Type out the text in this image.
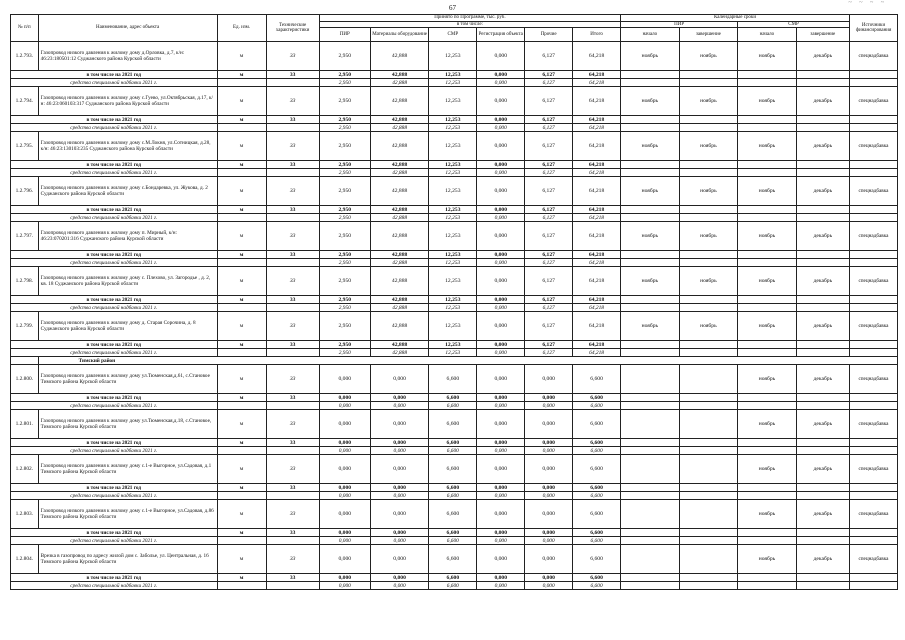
67
~ ~ ~ ~
№ п/п	Наименование, адрес объекта	Ед. изм.	Технические характеристики	Принято по Программе, тыс. руб.						Календарные сроки				Источники финансирования
				в том числе:						ПИР		СМР		
				ПИР	Материалы оборудование	СМР	Регистрация объекта	Прочие	Итого	начало	завершение	начало	завершение	
1.2.793.	Газопровод низкого давления к жилому дому д.Орловка, д.7, к/н: 46:23:180501:12 Суджанского района Курской области	м	33	2,950	42,888	12,253	0,000	6,127	64,218	ноябрь	ноябрь	ноябрь	декабрь	спецнадбавка
в том числе на 2021 год		м	33	2,950	42,888	12,253	0,000	6,127	64,218					
средства специальной надбавки 2021 г.				2,950	42,888	12,253	0,000	6,127	64,218					
1.2.794.	Газопровод низкого давления к жилому дому с.Гуево, ул.Октябрьская, д.17, к/н: 46:23:060103:317 Суджанского района Курской области	м	33	2,950	42,888	12,253	0,000	6,127	64,218	ноябрь	ноябрь	ноябрь	декабрь	спецнадбавка
в том числе на 2021 год		м	33	2,950	42,888	12,253	0,000	6,127	64,218					
средства специальной надбавки 2021 г.				2,950	42,888	12,253	0,000	6,127	64,218					
1.2.795.	Газопровод низкого давления к жилому дому с.М.Локня, ул.Сотницкая, д.28, к/н: 46:23:130103:235 Суджанского района Курской области	м	33	2,950	42,888	12,253	0,000	6,127	64,218	ноябрь	ноябрь	ноябрь	декабрь	спецнадбавка
в том числе на 2021 год		м	33	2,950	42,888	12,253	0,000	6,127	64,218					
средства специальной надбавки 2021 г.				2,950	42,888	12,253	0,000	6,127	64,218					
1.2.796.	Газопровод низкого давления к жилому дому с.Бондаревка, ул. Жукова, д. 2 Суджанского района Курской области	м	33	2,950	42,888	12,253	0,000	6,127	64,218	ноябрь	ноябрь	ноябрь	декабрь	спецнадбавка
в том числе на 2021 год		м	33	2,950	42,888	12,253	0,000	6,127	64,218					
средства специальной надбавки 2021 г.				2,950	42,888	12,253	0,000	6,127	64,218					
1.2.797.	Газопровод низкого давления к жилому дому п. Мирный, к/н: 46:23:070201:316 Суджанского района Курской области	м	33	2,950	42,888	12,253	0,000	6,127	64,218	ноябрь	ноябрь	ноябрь	декабрь	спецнадбавка
в том числе на 2021 год		м	33	2,950	42,888	12,253	0,000	6,127	64,218					
средства специальной надбавки 2021 г.				2,950	42,888	12,253	0,000	6,127	64,218					
1.2.798.	Газопровод низкого давления к жилому дому с. Плехово, ул. Загородье , д. 2, кв. 18 Суджанского района Курской области	м	33	2,950	42,888	12,253	0,000	6,127	64,218	ноябрь	ноябрь	ноябрь	декабрь	спецнадбавка
в том числе на 2021 год		м	33	2,950	42,888	12,253	0,000	6,127	64,218					
средства специальной надбавки 2021 г.				2,950	42,888	12,253	0,000	6,127	64,218					
1.2.799.	Газопровод низкого давления к жилому дому д. Старая Сорочина, д. 8 Суджанского района Курской области	м	33	2,950	42,888	12,253	0,000	6,127	64,218	ноябрь	ноябрь	ноябрь	декабрь	спецнадбавка
в том числе на 2021 год		м	33	2,950	42,888	12,253	0,000	6,127	64,218					
средства специальной надбавки 2021 г.				2,950	42,888	12,253	0,000	6,127	64,218					
	Тимский район													
1.2.800.	Газопровод низкого давления к жилому дому ул.Тюменская,д.61, с.Становое Тимского района Курской области	м	33	0,000	0,000	6,600	0,000	0,000	6,600			ноябрь	декабрь	спецнадбавка
в том числе на 2021 год		м	33	0,000	0,000	6,600	0,000	0,000	6,600					
средства специальной надбавки 2021 г.				0,000	0,000	6,600	0,000	0,000	6,600					
1.2.801.	Газопровод низкого давления к жилому дому ул.Тюменская,д.18, с.Становое, Тимского района Курской области	м	33	0,000	0,000	6,600	0,000	0,000	6,600			ноябрь	декабрь	спецнадбавка
в том числе на 2021 год		м	33	0,000	0,000	6,600	0,000	0,000	6,600					
средства специальной надбавки 2021 г.				0,000	0,000	6,600	0,000	0,000	6,600					
1.2.802.	Газопровод низкого давления к жилому дому с.1-е Выгорное, ул.Садовая, д.1 Тимского района Курской области	м	33	0,000	0,000	6,600	0,000	0,000	6,600			ноябрь	декабрь	спецнадбавка
в том числе на 2021 год		м	33	0,000	0,000	6,600	0,000	0,000	6,600					
средства специальной надбавки 2021 г.				0,000	0,000	6,600	0,000	0,000	6,600					
1.2.803.	Газопровод низкого давления к жилому дому с.1-е Выгорное, ул.Садовая, д.86 Тимского района Курской области	м	33	0,000	0,000	6,600	0,000	0,000	6,600			ноябрь	декабрь	спецнадбавка
в том числе на 2021 год		м	33	0,000	0,000	6,600	0,000	0,000	6,600					
средства специальной надбавки 2021 г.				0,000	0,000	6,600	0,000	0,000	6,600					
1.2.804.	Врезка в газопровод по адресу жилой дом с. Заболье, ул. Центральная, д. 16 Тимского района Курской области	м	33	0,000	0,000	6,600	0,000	0,000	6,600			ноябрь	декабрь	спецнадбавка
в том числе на 2021 год		м	33	0,000	0,000	6,600	0,000	0,000	6,600					
средства специальной надбавки 2021 г.				0,000	0,000	6,600	0,000	0,000	6,600					
